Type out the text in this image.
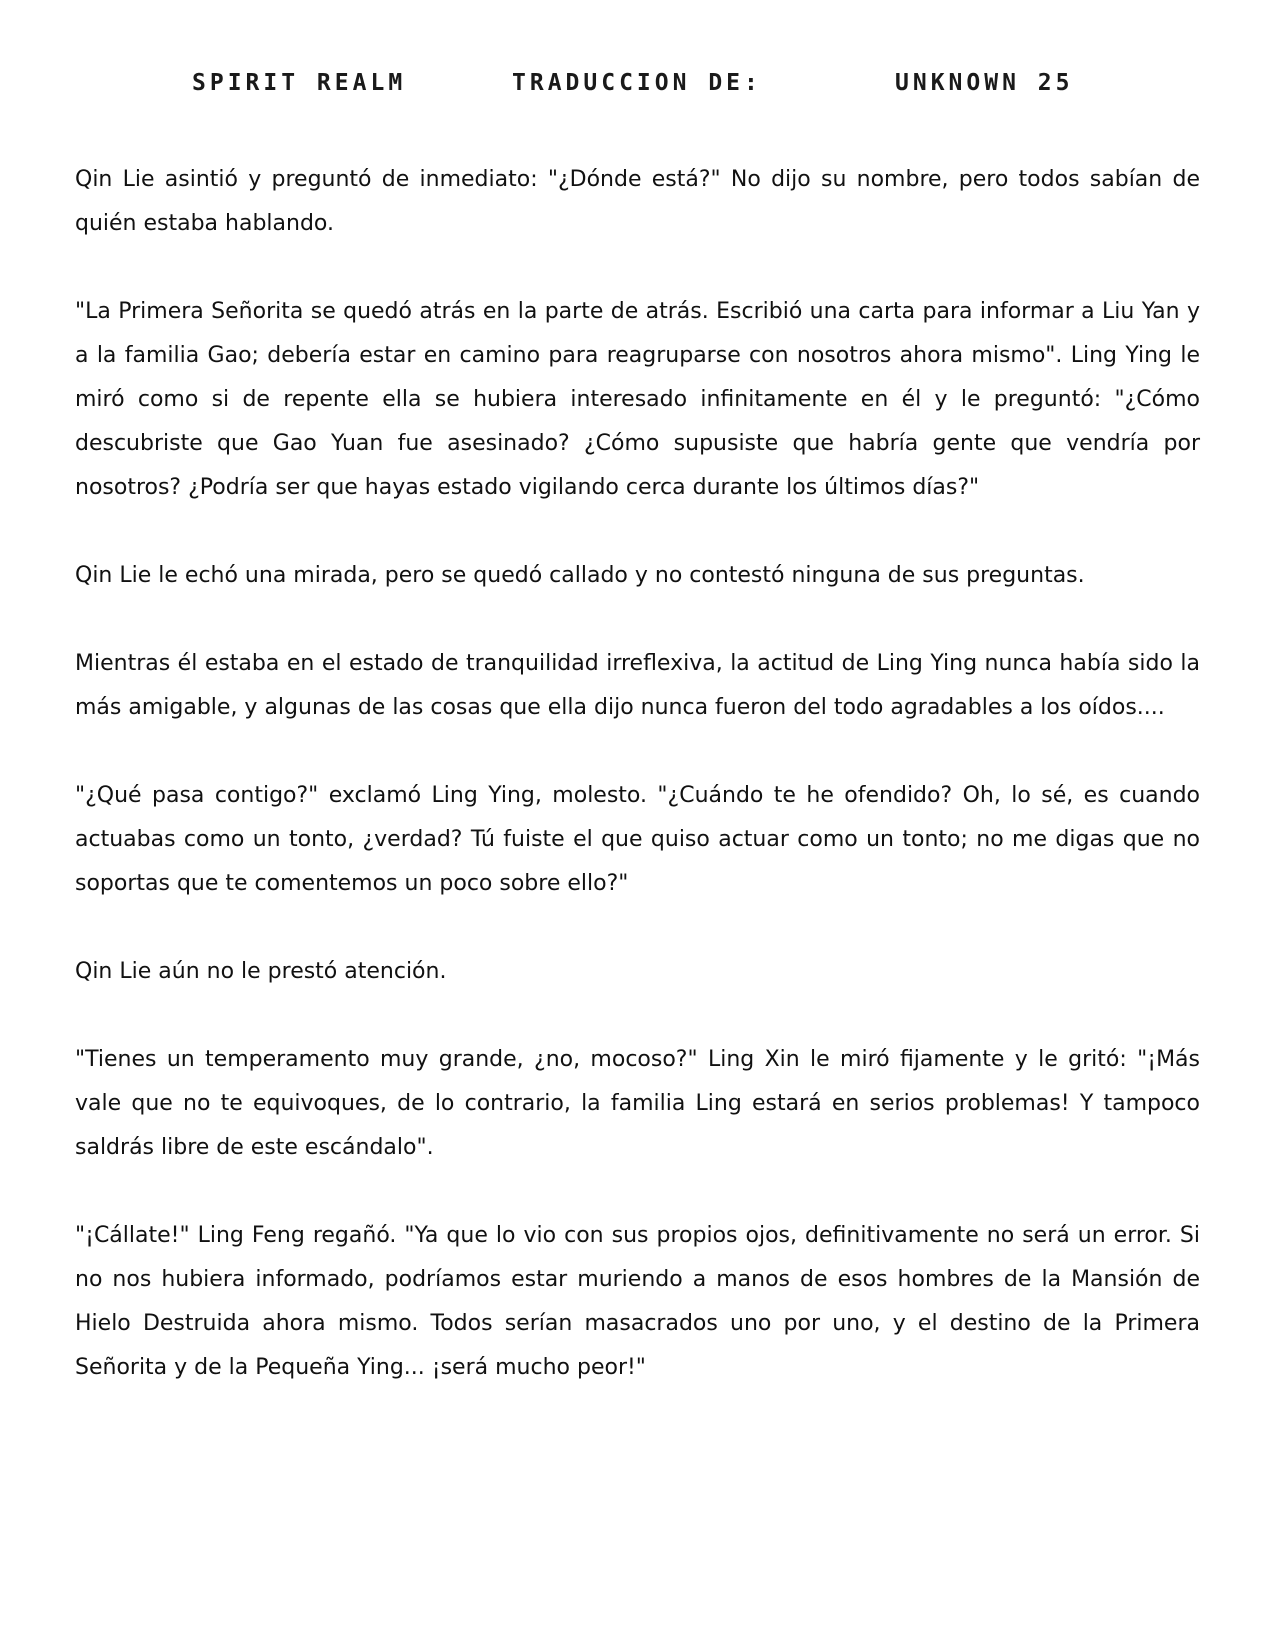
SPIRIT REALM

	TRADUCCION DE:

	UNKNOWN 25

Qin Lie asintió y preguntó de inmediato: "¿Dónde está?" No dijo su nombre, pero todos sabían de quién estaba hablando.

"La Primera Señorita se quedó atrás en la parte de atrás. Escribió una carta para informar a Liu Yan y a la familia Gao; debería estar en camino para reagruparse con nosotros ahora mismo". Ling Ying le miró como si de repente ella se hubiera interesado infinitamente en él y le preguntó: "¿Cómo descubriste que Gao Yuan fue asesinado? ¿Cómo supusiste que habría gente que vendría por nosotros? ¿Podría ser que hayas estado vigilando cerca durante los últimos días?"

Qin Lie le echó una mirada, pero se quedó callado y no contestó ninguna de sus preguntas.

Mientras él estaba en el estado de tranquilidad irreflexiva, la actitud de Ling Ying nunca había sido la más amigable, y algunas de las cosas que ella dijo nunca fueron del todo agradables a los oídos....

"¿Qué pasa contigo?" exclamó Ling Ying, molesto. "¿Cuándo te he ofendido? Oh, lo sé, es cuando actuabas como un tonto, ¿verdad? Tú fuiste el que quiso actuar como un tonto; no me digas que no soportas que te comentemos un poco sobre ello?"

Qin Lie aún no le prestó atención.

"Tienes un temperamento muy grande, ¿no, mocoso?" Ling Xin le miró fijamente y le gritó: "¡Más vale que no te equivoques, de lo contrario, la familia Ling estará en serios problemas! Y tampoco saldrás libre de este escándalo".

"¡Cállate!" Ling Feng regañó. "Ya que lo vio con sus propios ojos, definitivamente no será un error. Si no nos hubiera informado, podríamos estar muriendo a manos de esos hombres de la Mansión de Hielo Destruida ahora mismo. Todos serían masacrados uno por uno, y el destino de la Primera Señorita y de la Pequeña Ying... ¡será mucho peor!"
